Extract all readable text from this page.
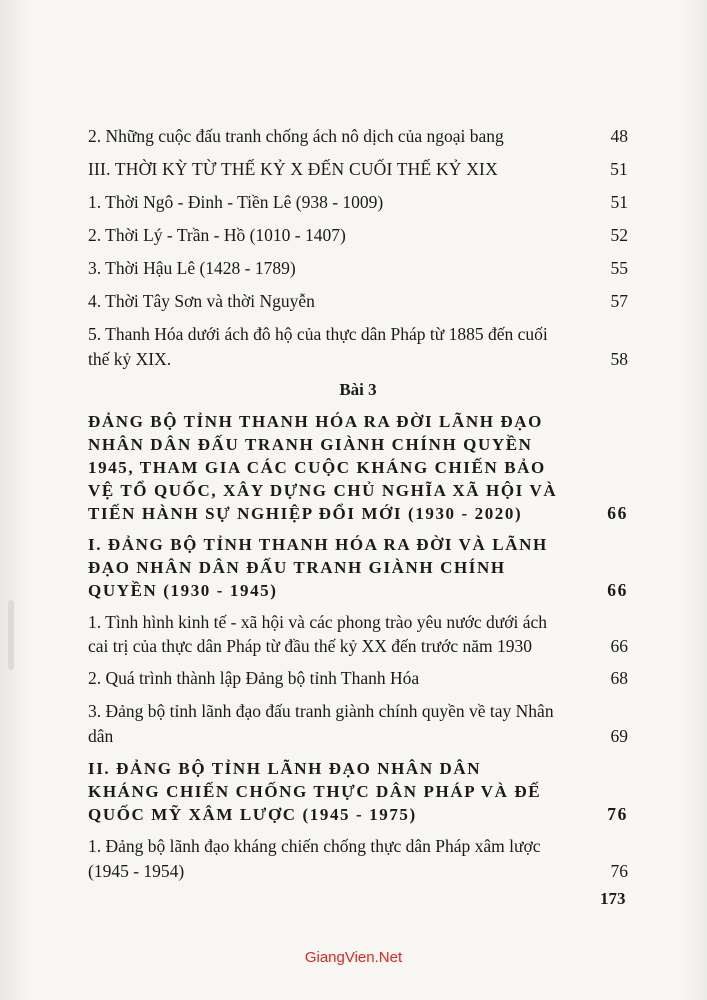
2. Những cuộc đấu tranh chống ách nô dịch của ngoại bang	48
III. THỜI KỲ TỪ THẾ KỶ X ĐẾN CUỐI THẾ KỶ XIX	51
1. Thời Ngô - Đinh - Tiền Lê (938 - 1009)	51
2. Thời Lý - Trần - Hồ (1010 - 1407)	52
3. Thời Hậu Lê (1428 - 1789)	55
4. Thời Tây Sơn và thời Nguyễn	57
5. Thanh Hóa dưới ách đô hộ của thực dân Pháp từ 1885 đến cuối thế kỷ XIX.	58
Bài 3
ĐẢNG BỘ TỈNH THANH HÓA RA ĐỜI LÃNH ĐẠO NHÂN DÂN ĐẤU TRANH GIÀNH CHÍNH QUYỀN 1945, THAM GIA CÁC CUỘC KHÁNG CHIẾN BẢO VỆ TỔ QUỐC, XÂY DỰNG CHỦ NGHĨA XÃ HỘI VÀ TIẾN HÀNH SỰ NGHIỆP ĐỔI MỚI (1930 - 2020)	66
I. ĐẢNG BỘ TỈNH THANH HÓA RA ĐỜI VÀ LÃNH ĐẠO NHÂN DÂN ĐẤU TRANH GIÀNH CHÍNH QUYỀN (1930 - 1945)	66
1. Tình hình kinh tế - xã hội và các phong trào yêu nước dưới ách cai trị của thực dân Pháp từ đầu thế kỷ XX đến trước năm 1930	66
2. Quá trình thành lập Đảng bộ tỉnh Thanh Hóa	68
3. Đảng bộ tỉnh lãnh đạo đấu tranh giành chính quyền về tay Nhân dân	69
II. ĐẢNG BỘ TỈNH LÃNH ĐẠO NHÂN DÂN KHÁNG CHIẾN CHỐNG THỰC DÂN PHÁP VÀ ĐẾ QUỐC MỸ XÂM LƯỢC (1945 - 1975)	76
1. Đảng bộ lãnh đạo kháng chiến chống thực dân Pháp xâm lược (1945 - 1954)	76
173
GiangVien.Net
